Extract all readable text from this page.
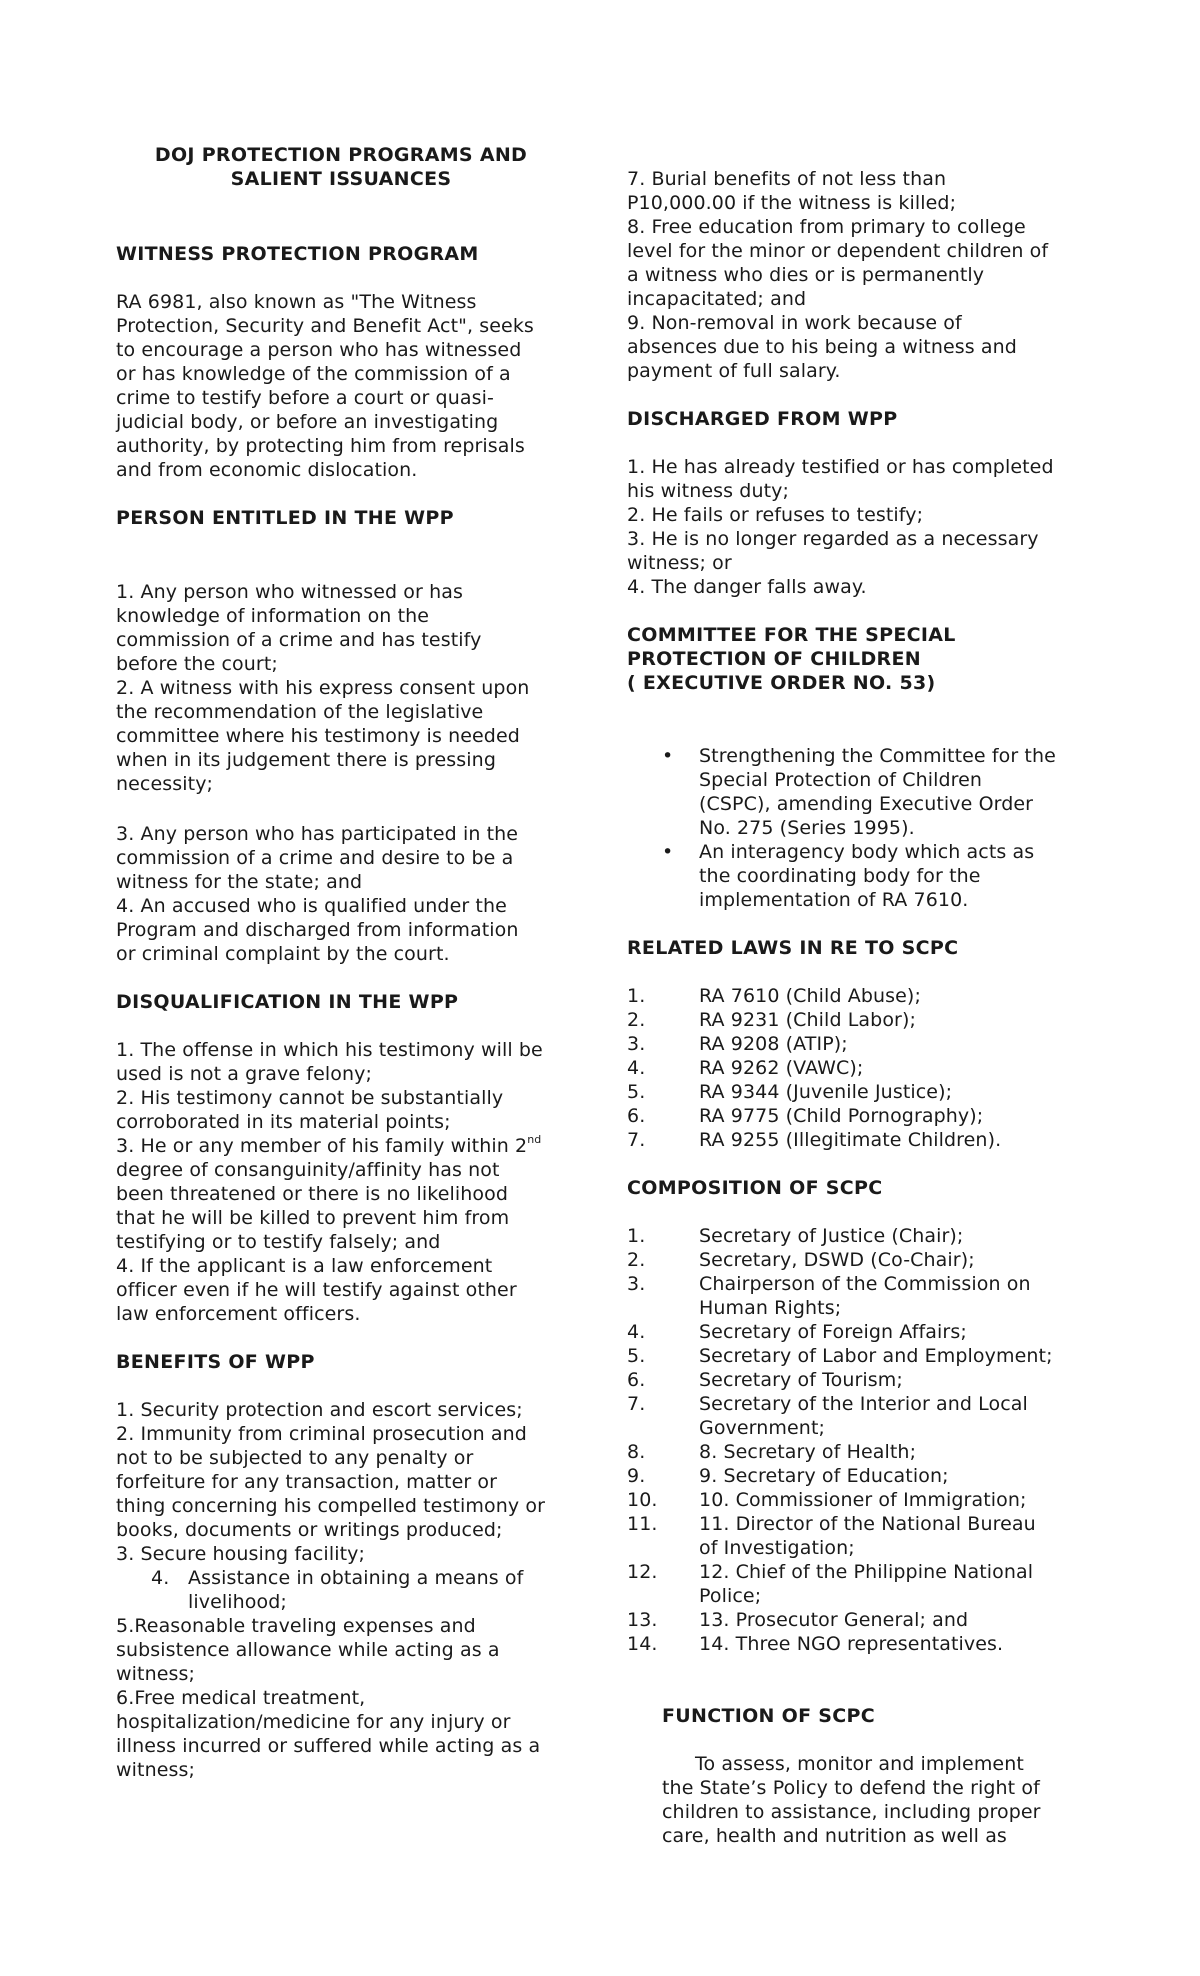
DOJ PROTECTION PROGRAMS AND
SALIENT ISSUANCES
WITNESS PROTECTION PROGRAM
RA 6981, also known as "The Witness
Protection, Security and Benefit Act", seeks
to encourage a person who has witnessed
or has knowledge of the commission of a
crime to testify before a court or quasi-
judicial body, or before an investigating
authority, by protecting him from reprisals
and from economic dislocation.
PERSON ENTITLED IN THE WPP
1. Any person who witnessed or has
knowledge of information on the
commission of a crime and has testify
before the court;
2. A witness with his express consent upon
the recommendation of the legislative
committee where his testimony is needed
when in its judgement there is pressing
necessity;
3. Any person who has participated in the
commission of a crime and desire to be a
witness for the state; and
4. An accused who is qualified under the
Program and discharged from information
or criminal complaint by the court.
DISQUALIFICATION IN THE WPP
1. The offense in which his testimony will be
used is not a grave felony;
2. His testimony cannot be substantially
corroborated in its material points;
3. He or any member of his family within 2nd
degree of consanguinity/affinity has not
been threatened or there is no likelihood
that he will be killed to prevent him from
testifying or to testify falsely; and
4. If the applicant is a law enforcement
officer even if he will testify against other
law enforcement officers.
BENEFITS OF WPP
1. Security protection and escort services;
2. Immunity from criminal prosecution and
not to be subjected to any penalty or
forfeiture for any transaction, matter or
thing concerning his compelled testimony or
books, documents or writings produced;
3. Secure housing facility;
4. Assistance in obtaining a means of
livelihood;
5.Reasonable traveling expenses and
subsistence allowance while acting as a
witness;
6.Free medical treatment,
hospitalization/medicine for any injury or
illness incurred or suffered while acting as a
witness;
7. Burial benefits of not less than
P10,000.00 if the witness is killed;
8. Free education from primary to college
level for the minor or dependent children of
a witness who dies or is permanently
incapacitated; and
9. Non-removal in work because of
absences due to his being a witness and
payment of full salary.
DISCHARGED FROM WPP
1. He has already testified or has completed
his witness duty;
2. He fails or refuses to testify;
3. He is no longer regarded as a necessary
witness; or
4. The danger falls away.
COMMITTEE FOR THE SPECIAL
PROTECTION OF CHILDREN
( EXECUTIVE ORDER NO. 53)
• Strengthening the Committee for the
Special Protection of Children
(CSPC), amending Executive Order
No. 275 (Series 1995).
• An interagency body which acts as
the coordinating body for the
implementation of RA 7610.
RELATED LAWS IN RE TO SCPC
1.	RA 7610 (Child Abuse);
2.	RA 9231 (Child Labor);
3.	RA 9208 (ATIP);
4.	RA 9262 (VAWC);
5.	RA 9344 (Juvenile Justice);
6.	RA 9775 (Child Pornography);
7.	RA 9255 (Illegitimate Children).
COMPOSITION OF SCPC
1.	Secretary of Justice (Chair);
2.	Secretary, DSWD (Co-Chair);
3.	Chairperson of the Commission on
Human Rights;
4.	Secretary of Foreign Affairs;
5.	Secretary of Labor and Employment;
6.	Secretary of Tourism;
7.	Secretary of the Interior and Local
Government;
8.	8. Secretary of Health;
9.	9. Secretary of Education;
10. 10. Commissioner of Immigration;
11. 11. Director of the National Bureau
of Investigation;
12. 12. Chief of the Philippine National
Police;
13. 13. Prosecutor General; and
14. 14. Three NGO representatives.
FUNCTION OF SCPC
To assess, monitor and implement
the State’s Policy to defend the right of
children to assistance, including proper
care, health and nutrition as well as
